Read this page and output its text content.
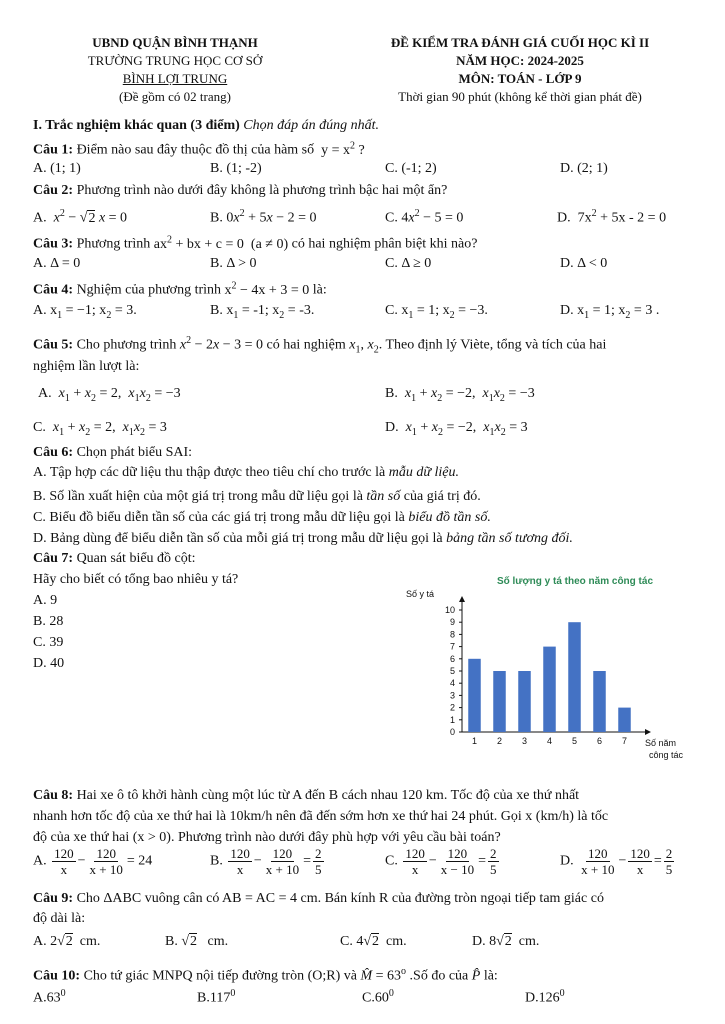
UBND QUẬN BÌNH THẠNH
TRƯỜNG TRUNG HỌC CƠ SỞ
BÌNH LỢI TRUNG
(Đề gồm có 02 trang)
ĐỀ KIỂM TRA ĐÁNH GIÁ CUỐI HỌC KÌ II
NĂM HỌC: 2024-2025
MÔN: TOÁN - LỚP 9
Thời gian 90 phút (không kể thời gian phát đề)
I. Trắc nghiệm khác quan (3 điểm) Chọn đáp án đúng nhất.
Câu 1: Điểm nào sau đây thuộc đồ thị của hàm số  $y = x^2$ ?
A. (1; 1)	B. (1; -2)	C. (-1; 2)	D. (2; 1)
Câu 2: Phương trình nào dưới đây không là phương trình bậc hai một ẩn?
A.  $x^2 - √2$ x = 0	B. $0x^2 + 5x - 2 = 0$	C. $4x^2 - 5 = 0$	D.  $7x^2 + 5x - 2 = 0$
Câu 3: Phương trình $ax^2$ + bx + c = 0  (a ≠ 0) có hai nghiệm phân biệt khi nào?
A. Δ = 0	B. Δ > 0	C. Δ ≥ 0	D. Δ < 0
Câu 4: Nghiệm của phương trình $x^2 - 4x + 3 = 0$ là:
A. $x_1 = -1$; $x_2 = 3$.	B. $x_1 = -1$; $x_2 = -3$.	C. $x_1 = 1$; $x_2 = -3$.	D. $x_1 = 1$; $x_2 = 3$ .
Câu 5: Cho phương trình $x^2 - 2x - 3 = 0$ có hai nghiệm $x_1$, $x_2$. Theo định lý Viète, tổng và tích của hai
nghiệm lần lượt là:
A.  $x_1 + x_2 = 2$,  $x_1x_2 = -3$	B.  $x_1 + x_2 = -2$,  $x_1x_2 = -3$
C.  $x_1 + x_2 = 2$,  $x_1x_2 = 3$	D.  $x_1 + x_2 = -2$,  $x_1x_2 = 3$
Câu 6: Chọn phát biểu SAI:
A. Tập hợp các dữ liệu thu thập được theo tiêu chí cho trước là mẫu dữ liệu.
B. Số lần xuất hiện của một giá trị trong mẫu dữ liệu gọi là tần số của giá trị đó.
C. Biểu đồ biểu diễn tần số của các giá trị trong mẫu dữ liệu gọi là biểu đồ tần số.
D. Bảng dùng để biểu diễn tần số của mỗi giá trị trong mẫu dữ liệu gọi là bảng tần số tương đối.
Câu 7: Quan sát biểu đồ cột:
Hãy cho biết có tổng bao nhiêu y tá?
A. 9
B. 28
C. 39
D. 40
Số lượng y tá theo năm công tác
Số y tá
0
1
2
3
4
5
6
7
8
9
10
1 2 3 4 5 6 7 Số năm
công tác
Câu 8: Hai xe ô tô khởi hành cùng một lúc từ A đến B cách nhau 120 km. Tốc độ của xe thứ nhất
nhanh hơn tốc độ của xe thứ hai là 10km/h nên đã đến sớm hơn xe thứ hai 24 phút. Gọi x (km/h) là tốc
độ của xe thứ hai (x > 0). Phương trình nào dưới đây phù hợp với yêu cầu bài toán?
A. $\frac{120}{x} - \frac{120}{x + 10} = 24$	B. $\frac{120}{x} - \frac{120}{x + 10} = \frac{2}{5}$	C. $\frac{120}{x} - \frac{120}{x - 10} = \frac{2}{5}$	D. $\frac{120}{x + 10} - \frac{120}{x} = \frac{2}{5}$
Câu 9: Cho ΔABC vuông cân có AB = AC = 4 cm. Bán kính R của đường tròn ngoại tiếp tam giác có
độ dài là:
A. 2√2  cm.	B. √2   cm.	C. 4√2  cm.	D. 8√2  cm.
Câu 10: Cho tứ giác MNPQ nội tiếp đường tròn (O;R) và M̂ = $63^o$ .Số đo của P̂ là:
$A.63^0$	B.117$^0$	$C.60^0$	D.126$^0$
